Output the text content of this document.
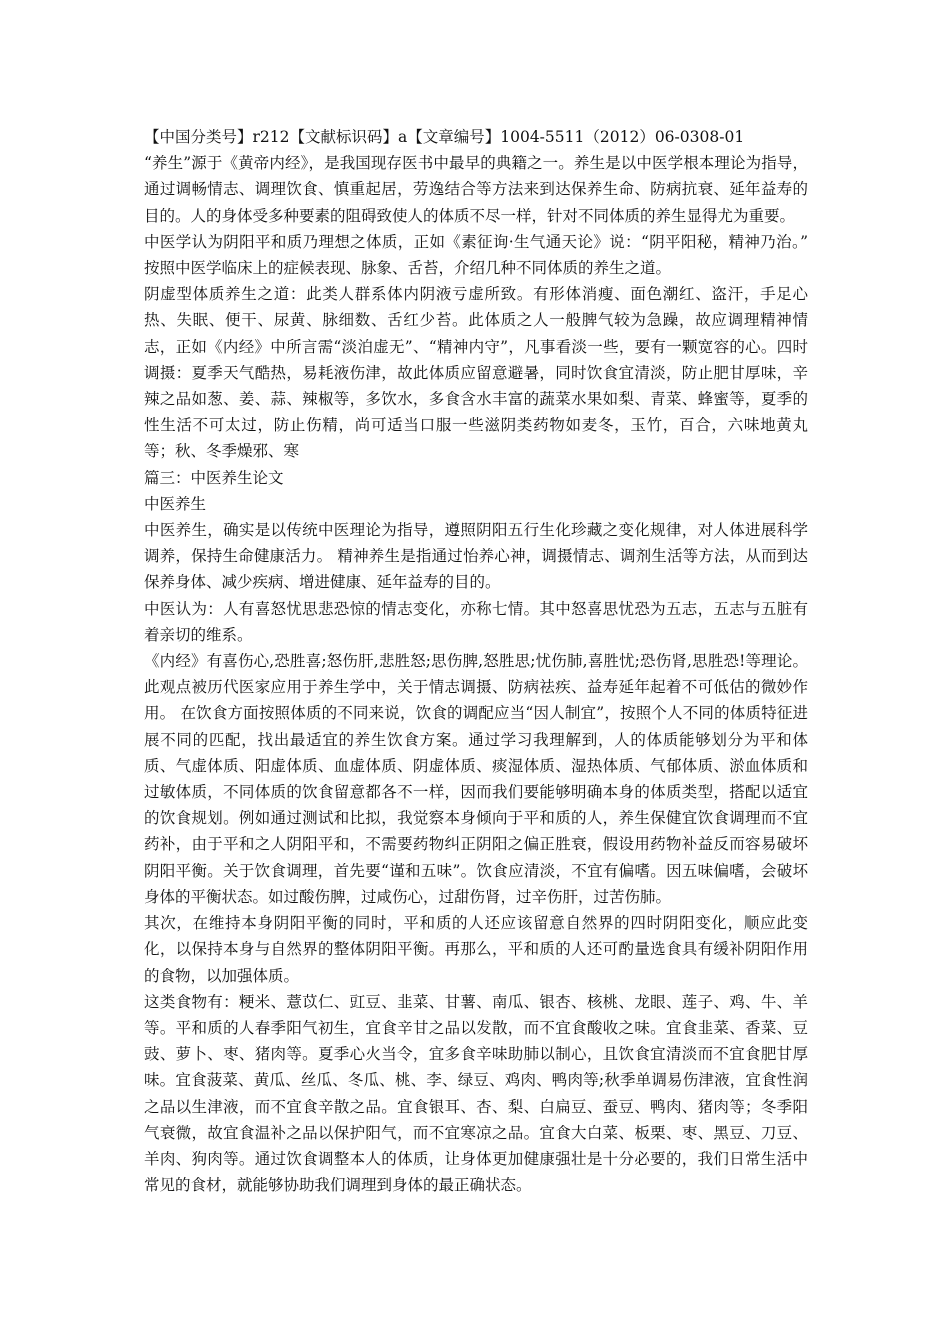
【中国分类号】r212【文献标识码】a【文章编号】1004-5511（2012）06-0308-01

“养生”源于《黄帝内经》，是我国现存医书中最早的典籍之一。养生是以中医学根本理论为指导，通过调畅情志、调理饮食、慎重起居，劳逸结合等方法来到达保养生命、防病抗衰、延年益寿的目的。人的身体受多种要素的阻碍致使人的体质不尽一样，针对不同体质的养生显得尤为重要。

中医学认为阴阳平和质乃理想之体质，正如《素征询·生气通天论》说：“阴平阳秘，精神乃治。” 按照中医学临床上的症候表现、脉象、舌苔，介绍几种不同体质的养生之道。

阴虚型体质养生之道：此类人群系体内阴液亏虚所致。有形体消瘦、面色潮红、盗汗，手足心热、失眠、便干、尿黄、脉细数、舌红少苔。此体质之人一般脾气较为急躁，故应调理精神情志，正如《内经》中所言需“淡泊虚无”、“精神内守”，凡事看淡一些，要有一颗宽容的心。四时调摄：夏季天气酷热，易耗液伤津，故此体质应留意避暑，同时饮食宜清淡，防止肥甘厚味，辛辣之品如葱、姜、蒜、辣椒等，多饮水，多食含水丰富的蔬菜水果如梨、青菜、蜂蜜等，夏季的性生活不可太过，防止伤精，尚可适当口服一些滋阴类药物如麦冬，玉竹，百合，六味地黄丸等；秋、冬季燥邪、寒

篇三：中医养生论文

中医养生

中医养生，确实是以传统中医理论为指导，遵照阴阳五行生化珍藏之变化规律，对人体进展科学调养，保持生命健康活力。 精神养生是指通过怡养心神，调摄情志、调剂生活等方法，从而到达保养身体、减少疾病、增进健康、延年益寿的目的。

中医认为：人有喜怒忧思悲恐惊的情志变化，亦称七情。其中怒喜思忧恐为五志，五志与五脏有着亲切的维系。

《内经》有喜伤心,恐胜喜;怒伤肝,悲胜怒;思伤脾,怒胜思;忧伤肺,喜胜忧;恐伤肾,思胜恐!等理论。此观点被历代医家应用于养生学中，关于情志调摄、防病祛疾、益寿延年起着不可低估的微妙作用。 在饮食方面按照体质的不同来说，饮食的调配应当“因人制宜”，按照个人不同的体质特征进展不同的匹配，找出最适宜的养生饮食方案。通过学习我理解到，人的体质能够划分为平和体质、气虚体质、阳虚体质、血虚体质、阴虚体质、痰湿体质、湿热体质、气郁体质、淤血体质和过敏体质，不同体质的饮食留意都各不一样，因而我们要能够明确本身的体质类型，搭配以适宜的饮食规划。例如通过测试和比拟，我觉察本身倾向于平和质的人，养生保健宜饮食调理而不宜药补，由于平和之人阴阳平和，不需要药物纠正阴阳之偏正胜衰，假设用药物补益反而容易破坏阴阳平衡。关于饮食调理，首先要“谨和五味”。饮食应清淡，不宜有偏嗜。因五味偏嗜，会破坏身体的平衡状态。如过酸伤脾，过咸伤心，过甜伤肾，过辛伤肝，过苦伤肺。

其次，在维持本身阴阳平衡的同时，平和质的人还应该留意自然界的四时阴阳变化，顺应此变化，以保持本身与自然界的整体阴阳平衡。再那么，平和质的人还可酌量选食具有缓补阴阳作用的食物，以加强体质。

这类食物有：粳米、薏苡仁、豇豆、韭菜、甘薯、南瓜、银杏、核桃、龙眼、莲子、鸡、牛、羊等。平和质的人春季阳气初生，宜食辛甘之品以发散，而不宜食酸收之味。宜食韭菜、香菜、豆豉、萝卜、枣、猪肉等。夏季心火当令，宜多食辛味助肺以制心，且饮食宜清淡而不宜食肥甘厚味。宜食菠菜、黄瓜、丝瓜、冬瓜、桃、李、绿豆、鸡肉、鸭肉等;秋季单调易伤津液，宜食性润之品以生津液，而不宜食辛散之品。宜食银耳、杏、梨、白扁豆、蚕豆、鸭肉、猪肉等；冬季阳气衰微，故宜食温补之品以保护阳气，而不宜寒凉之品。宜食大白菜、板栗、枣、黑豆、刀豆、羊肉、狗肉等。通过饮食调整本人的体质，让身体更加健康强壮是十分必要的，我们日常生活中常见的食材，就能够协助我们调理到身体的最正确状态。
